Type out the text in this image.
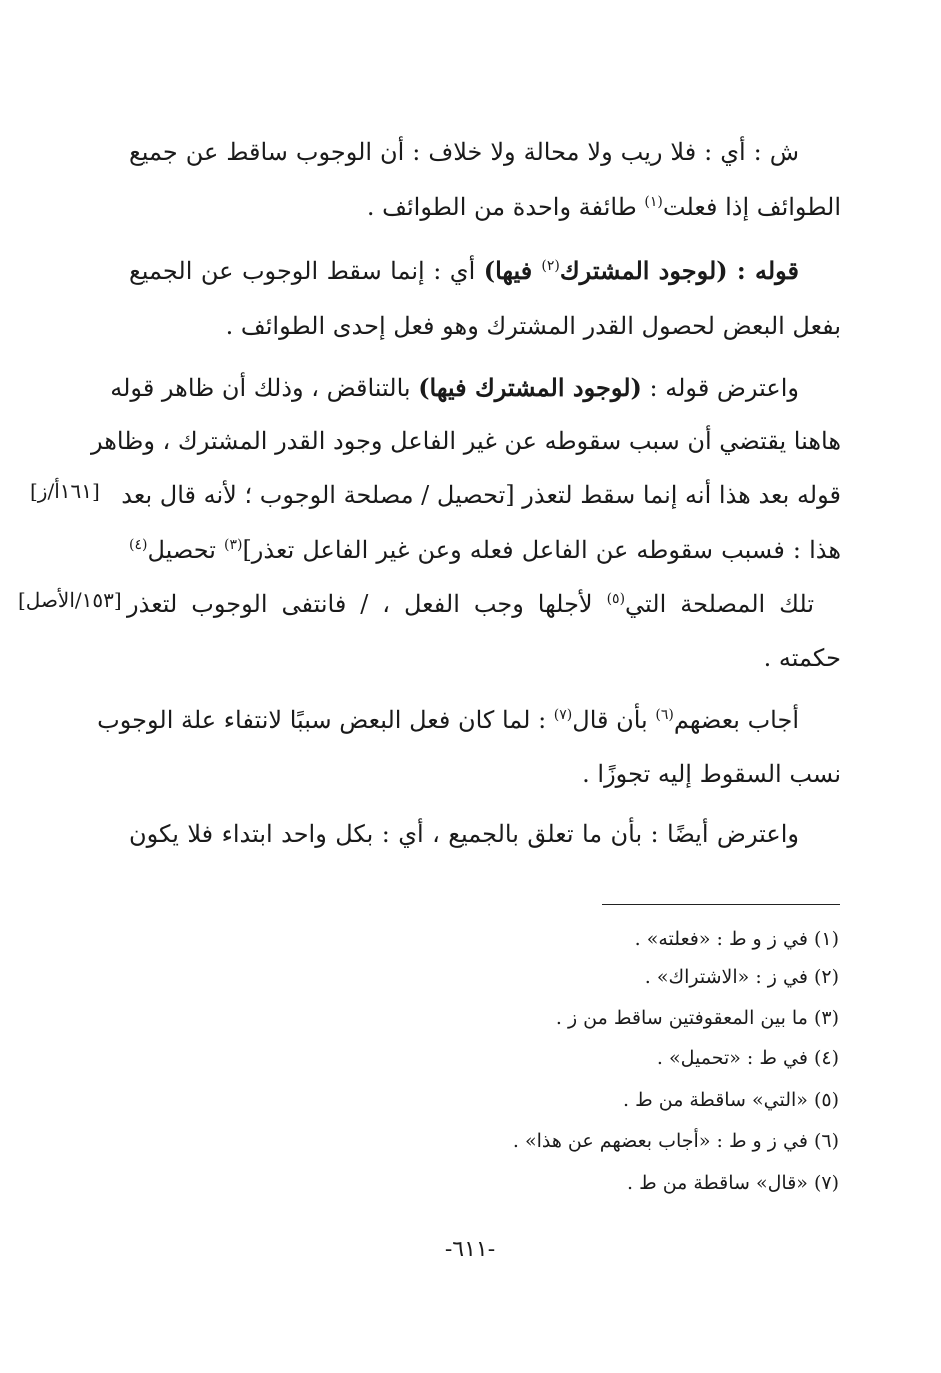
ش : أي : فلا ريب ولا محالة ولا خلاف : أن الوجوب ساقط عن جميع
الطوائف إذا فعلت$^{(١)}$ طائفة واحدة من الطوائف .
قوله : (لوجود المشترك$^{(٢)}$ فيها) أي : إنما سقط الوجوب عن الجميع
بفعل البعض لحصول القدر المشترك وهو فعل إحدى الطوائف .
واعترض قوله : (لوجود المشترك فيها) بالتناقض ، وذلك أن ظاهر قوله
هاهنا يقتضي أن سبب سقوطه عن غير الفاعل وجود القدر المشترك ، وظاهر
قوله بعد هذا أنه إنما سقط لتعذر [تحصيل / مصلحة الوجوب ؛ لأنه قال بعد
[١٦١أ/ز]
هذا : فسبب سقوطه عن الفاعل فعله وعن غير الفاعل تعذر]$^{(٣)}$ تحصيل$^{(٤)}$
تلك المصلحة التي$^{(٥)}$ لأجلها وجب الفعل ، / فانتفى الوجوب لتعذر
[١٥٣/الأصل]
حكمته .
أجاب بعضهم$^{(٦)}$ بأن قال$^{(٧)}$ : لما كان فعل البعض سببًا لانتفاء علة الوجوب
نسب السقوط إليه تجوزًا .
واعترض أيضًا : بأن ما تعلق بالجميع ، أي : بكل واحد ابتداء فلا يكون
(١) في ز و ط : «فعلته» .
(٢) في ز : «الاشتراك» .
(٣) ما بين المعقوفتين ساقط من ز .
(٤) في ط : «تحميل» .
(٥) «التي» ساقطة من ط .
(٦) في ز و ط : «أجاب بعضهم عن هذا» .
(٧) «قال» ساقطة من ط .
-٦١١-
